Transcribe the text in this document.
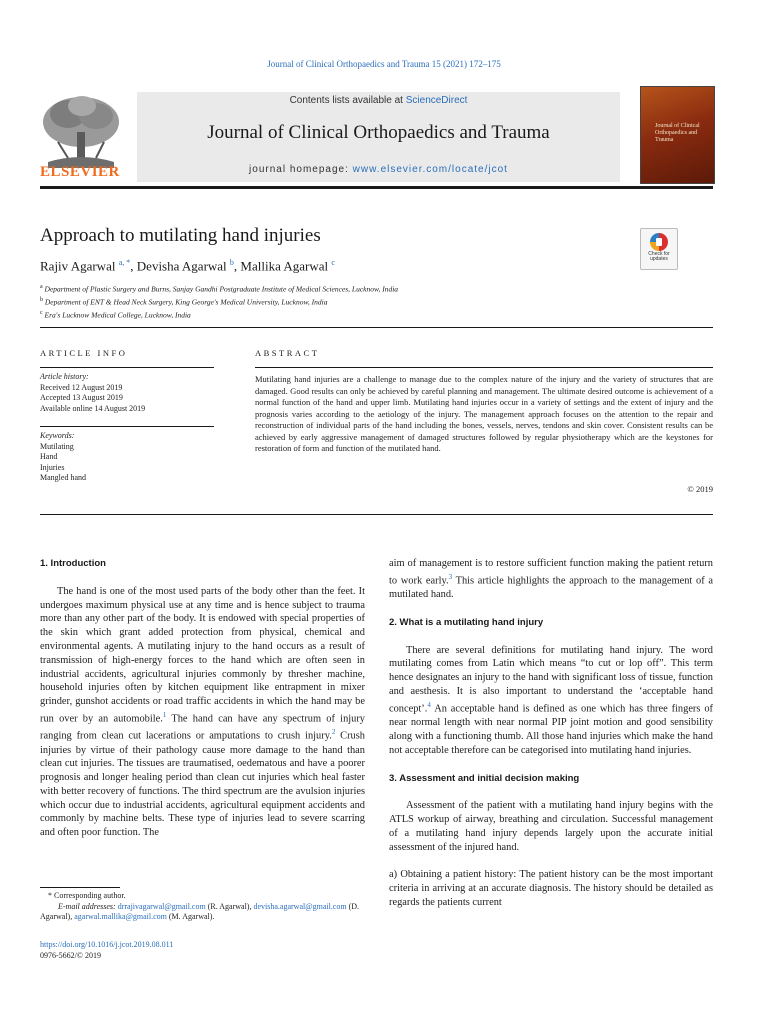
Journal of Clinical Orthopaedics and Trauma 15 (2021) 172–175
ELSEVIER
Contents lists available at ScienceDirect
Journal of Clinical Orthopaedics and Trauma
journal homepage: www.elsevier.com/locate/jcot
Journal of Clinical Orthopaedics and Trauma
Approach to mutilating hand injuries
Check for updates
Rajiv Agarwal $^{a, *}$, Devisha Agarwal $^b$, Mallika Agarwal $^c$
$^a$ Department of Plastic Surgery and Burns, Sanjay Gandhi Postgraduate Institute of Medical Sciences, Lucknow, India
$^b$ Department of ENT & Head Neck Surgery, King George's Medical University, Lucknow, India
$^c$ Era's Lucknow Medical College, Lucknow, India
ARTICLE INFO
Article history:
Received 12 August 2019
Accepted 13 August 2019
Available online 14 August 2019
Keywords:
Mutilating
Hand
Injuries
Mangled hand
ABSTRACT
Mutilating hand injuries are a challenge to manage due to the complex nature of the injury and the variety of structures that are damaged. Good results can only be achieved by careful planning and management. The ultimate desired outcome is achievement of a normal function of the hand and upper limb. Mutilating hand injuries occur in a variety of settings and the extent of injury and the prognosis varies according to the aetiology of the injury. The management approach focuses on the attention to the repair and reconstruction of individual parts of the hand including the bones, vessels, nerves, tendons and skin cover. Consistent results can be achieved by early aggressive management of damaged structures followed by regular physiotherapy which are the keystones for restoration of form and function of the mutilated hand.
© 2019

1. Introduction

The hand is one of the most used parts of the body other than the feet. It undergoes maximum physical use at any time and is hence subject to trauma more than any other part of the body. It is endowed with special properties of the skin which grant added protection from physical, chemical and environmental agents. A mutilating injury to the hand occurs as a result of transmission of high-energy forces to the hand which are often seen in industrial accidents, agricultural injuries commonly by thresher machine, household injuries often by kitchen equipment like entrapment in mixer grinder, gunshot accidents or road traffic accidents in which the hand may be run over by an automobile.$^1$ The hand can have any spectrum of injury ranging from clean cut lacerations or amputations to crush injury.$^2$ Crush injuries by virtue of their pathology cause more damage to the hand than clean cut injuries. The tissues are traumatised, oedematous and have a poorer prognosis and longer healing period than clean cut injuries which heal faster with better recovery of functions. The third spectrum are the avulsion injuries which occur due to industrial accidents, agricultural equipment accidents and commonly by machine belts. These type of injuries lead to severe scarring and often poor function. The

aim of management is to restore sufficient function making the patient return to work early.$^3$ This article highlights the approach to the management of a mutilated hand.

2. What is a mutilating hand injury

There are several definitions for mutilating hand injury. The word mutilating comes from Latin which means “to cut or lop off”. This term hence designates an injury to the hand with significant loss of tissue, function and aesthesis. It is also important to understand the ‘acceptable hand concept’.$^4$ An acceptable hand is defined as one which has three fingers of near normal length with near normal PIP joint motion and good sensibility along with a functioning thumb. All those hand injuries which make the hand not acceptable therefore can be categorised into mutilating hand injuries.

3. Assessment and initial decision making

Assessment of the patient with a mutilating hand injury begins with the ATLS workup of airway, breathing and circulation. Successful management of a mutilating hand injury depends largely upon the accurate initial assessment of the injured hand.

a) Obtaining a patient history: The patient history can be the most important criteria in arriving at an accurate diagnosis. The history should be detailed as regards the patients current

* Corresponding author.
E-mail addresses: drrajivagarwal@gmail.com (R. Agarwal), devisha.agarwal@gmail.com (D. Agarwal), agarwal.mallika@gmail.com (M. Agarwal).
https://doi.org/10.1016/j.jcot.2019.08.011
0976-5662/© 2019
